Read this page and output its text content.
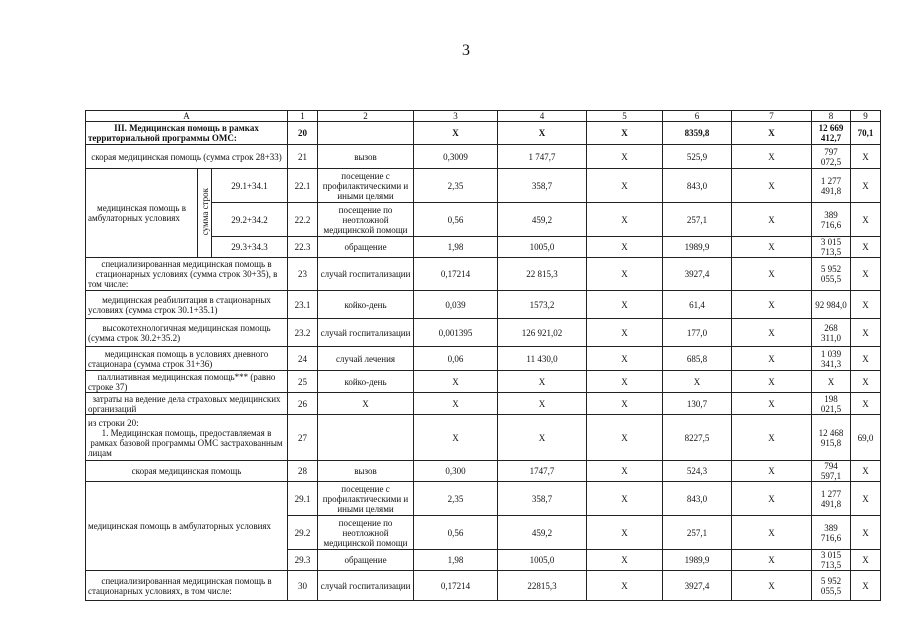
3
А			1	2	3	4	5	6	7	8	9
III. Медицинская помощь в рамках территориальной программы ОМС:			20		X	X	X	8359,8	X	12 669 412,7	70,1
скорая медицинская помощь (сумма строк 28+33)			21	вызов	0,3009	1 747,7	X	525,9	X	797 072,5	X
медицинская помощь в амбулаторных условиях	сумма строк	29.1+34.1	22.1	посещение с профилактическими и иными целями	2,35	358,7	X	843,0	X	1 277 491,8	X
		29.2+34.2	22.2	посещение по неотложной медицинской помощи	0,56	459,2	X	257,1	X	389 716,6	X
		29.3+34.3	22.3	обращение	1,98	1005,0	X	1989,9	X	3 015 713,5	X
специализированная медицинская помощь в стационарных условиях (сумма строк 30+35), в том числе:			23	случай госпитализации	0,17214	22 815,3	X	3927,4	X	5 952 055,5	X
медицинская реабилитация в стационарных условиях (сумма строк 30.1+35.1)			23.1	койко-день	0,039	1573,2	X	61,4	X	92 984,0	X
высокотехнологичная медицинская помощь (сумма строк 30.2+35.2)			23.2	случай госпитализации	0,001395	126 921,02	X	177,0	X	268 311,0	X
медицинская помощь в условиях дневного стационара (сумма строк 31+36)			24	случай лечения	0,06	11 430,0	X	685,8	X	1 039 341,3	X
паллиативная медицинская помощь*** (равно строке 37)			25	койко-день	X	X	X	X	X	X	X
затраты на ведение дела страховых медицинских организаций			26	X	X	X	X	130,7	X	198 021,5	X

из строки 20:
1. Медицинская помощь, предоставляемая в рамках базовой программы ОМС застрахованным лицам			27		X	X	X	8227,5	X	12 468 915,8	69,0
скорая медицинская помощь			28	вызов	0,300	1747,7	X	524,3	X	794 597,1	X
медицинская помощь в амбулаторных условиях			29.1	посещение с профилактическими и иными целями	2,35	358,7	X	843,0	X	1 277 491,8	X
			29.2	посещение по неотложной медицинской помощи	0,56	459,2	X	257,1	X	389 716,6	X
			29.3	обращение	1,98	1005,0	X	1989,9	X	3 015 713,5	X
специализированная медицинская помощь в стационарных условиях, в том числе:			30	случай госпитализации	0,17214	22815,3	X	3927,4	X	5 952 055,5	X
